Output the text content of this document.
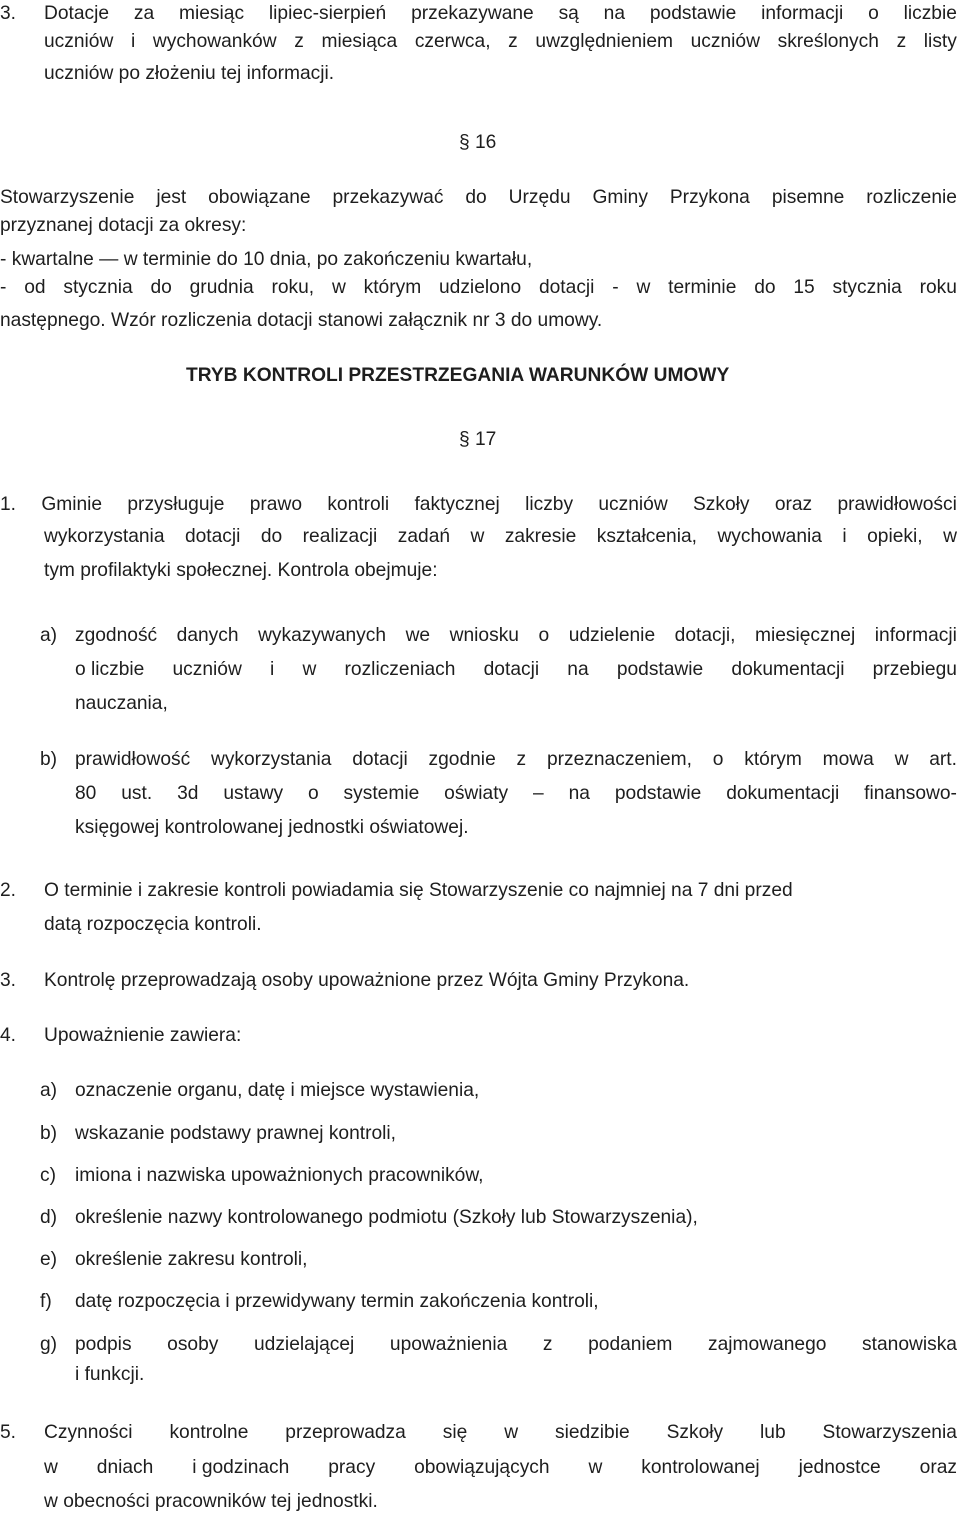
3. Dotacje za miesiąc lipiec-sierpień przekazywane są na podstawie informacji o liczbie
uczniów i wychowanków z miesiąca czerwca, z uwzględnieniem uczniów skreślonych z listy
uczniów po złożeniu tej informacji.
§ 16
Stowarzyszenie jest obowiązane przekazywać do Urzędu Gminy Przykona pisemne rozliczenie
przyznanej dotacji za okresy:
- kwartalne — w terminie do 10 dnia, po zakończeniu kwartału,
- od stycznia do grudnia roku, w którym udzielono dotacji - w terminie do 15 stycznia roku
następnego. Wzór rozliczenia dotacji stanowi załącznik nr 3 do umowy.
TRYB KONTROLI PRZESTRZEGANIA WARUNKÓW UMOWY
§ 17
1. Gminie przysługuje prawo kontroli faktycznej liczby uczniów Szkoły oraz prawidłowości
wykorzystania dotacji do realizacji zadań w zakresie kształcenia, wychowania i opieki, w
tym profilaktyki społecznej. Kontrola obejmuje:
a) zgodność danych wykazywanych we wniosku o udzielenie dotacji, miesięcznej informacji
o liczbie uczniów i w rozliczeniach dotacji na podstawie dokumentacji przebiegu
nauczania,
b) prawidłowość wykorzystania dotacji zgodnie z przeznaczeniem, o którym mowa w art.
80 ust. 3d ustawy o systemie oświaty – na podstawie dokumentacji finansowo-
księgowej kontrolowanej jednostki oświatowej.
2. O terminie i zakresie kontroli powiadamia się Stowarzyszenie co najmniej na 7 dni przed
datą rozpoczęcia kontroli.
3. Kontrolę przeprowadzają osoby upoważnione przez Wójta Gminy Przykona.
4. Upoważnienie zawiera:
a) oznaczenie organu, datę i miejsce wystawienia,
b) wskazanie podstawy prawnej kontroli,
c) imiona i nazwiska upoważnionych pracowników,
d) określenie nazwy kontrolowanego podmiotu (Szkoły lub Stowarzyszenia),
e) określenie zakresu kontroli,
f) datę rozpoczęcia i przewidywany termin zakończenia kontroli,
g) podpis osoby udzielającej upoważnienia z podaniem zajmowanego stanowiska
i funkcji.
5. Czynności kontrolne przeprowadza się w siedzibie Szkoły lub Stowarzyszenia
w dniach i godzinach pracy obowiązujących w kontrolowanej jednostce oraz
w obecności pracowników tej jednostki.
